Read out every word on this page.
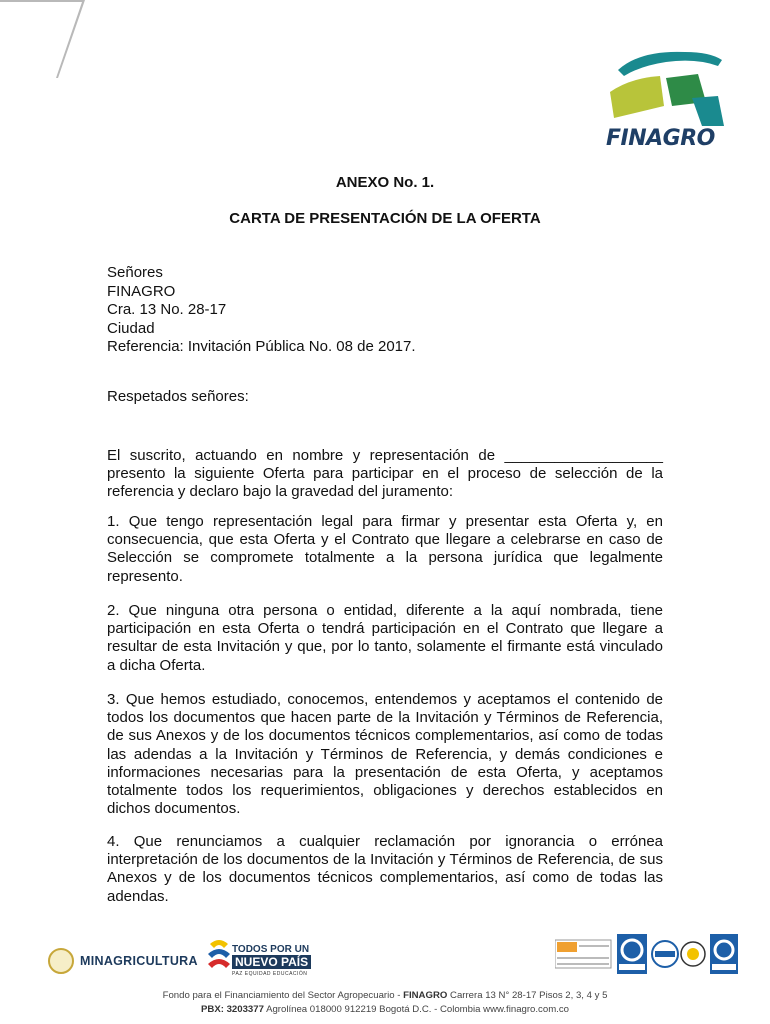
FINAGRO
ANEXO No. 1.
CARTA DE PRESENTACIÓN DE LA OFERTA
Señores
FINAGRO
Cra. 13 No. 28-17
Ciudad
Referencia: Invitación Pública No. 08 de 2017.
Respetados señores:
El suscrito, actuando en nombre y representación de ___________________ presento la siguiente Oferta para participar en el proceso de selección de la referencia y declaro bajo la gravedad del juramento:
1. Que tengo representación legal para firmar y presentar esta Oferta y, en consecuencia, que esta Oferta y el Contrato que llegare a celebrarse en caso de Selección se compromete totalmente a la persona jurídica que legalmente represento.
2. Que ninguna otra persona o entidad, diferente a la aquí nombrada, tiene participación en esta Oferta o tendrá participación en el Contrato que llegare a resultar de esta Invitación y que, por lo tanto, solamente el firmante está vinculado a dicha Oferta.
3. Que hemos estudiado, conocemos, entendemos y aceptamos el contenido de todos los documentos que hacen parte de la Invitación y Términos de Referencia, de sus Anexos y de los documentos técnicos complementarios, así como de todas las adendas a la Invitación y Términos de Referencia, y demás condiciones e informaciones necesarias para la presentación de esta Oferta, y aceptamos totalmente todos los requerimientos, obligaciones y derechos establecidos en dichos documentos.
4. Que renunciamos a cualquier reclamación por ignorancia o errónea interpretación de los documentos de la Invitación y Términos de Referencia, de sus Anexos y de los documentos técnicos complementarios, así como de todas las adendas.
MINAGRICULTURA
TODOS POR UN
NUEVO PAÍS
PAZ EQUIDAD EDUCACIÓN
Fondo para el Financiamiento del Sector Agropecuario - FINAGRO Carrera 13 N° 28-17 Pisos 2, 3, 4 y 5
PBX: 3203377 Agrolínea 018000 912219 Bogotá D.C. - Colombia www.finagro.com.co
